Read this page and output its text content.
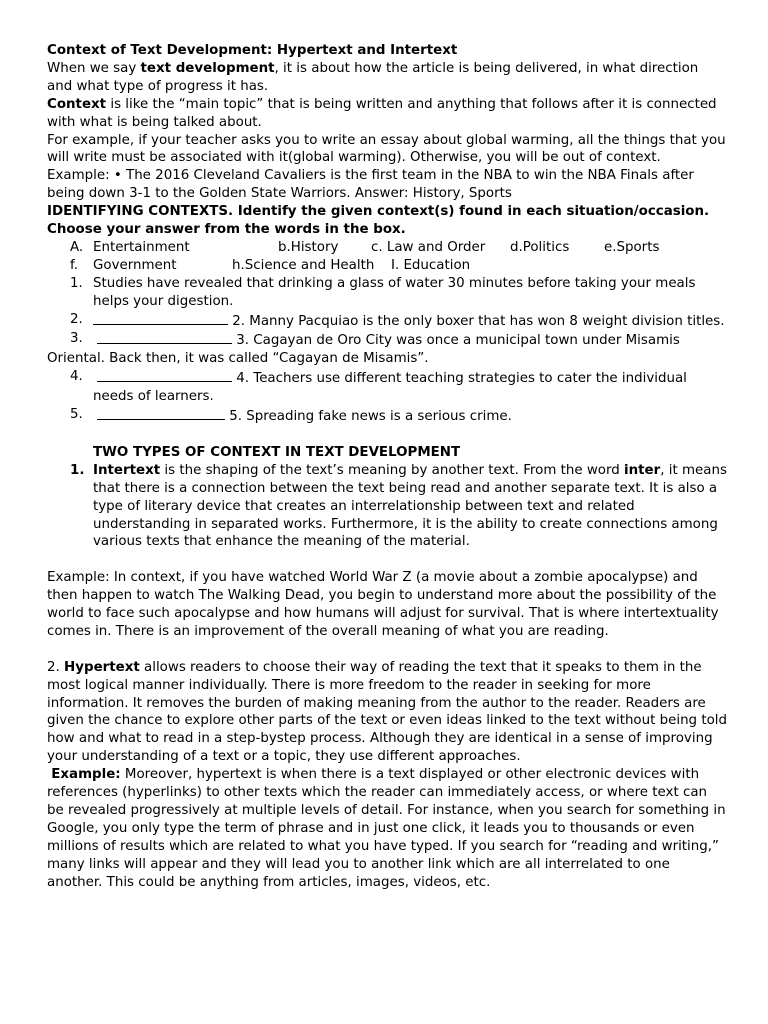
Context of Text Development: Hypertext and Intertext

When we say text development, it is about how the article is being delivered, in what direction and what type of progress it has.

Context is like the “main topic” that is being written and anything that follows after it is connected with what is being talked about.

For example, if your teacher asks you to write an essay about global warming, all the things that you will write must be associated with it(global warming). Otherwise, you will be out of context.

Example: • The 2016 Cleveland Cavaliers is the first team in the NBA to win the NBA Finals after being down 3-1 to the Golden State Warriors. Answer: History, Sports

IDENTIFYING CONTEXTS. Identify the given context(s) found in each situation/occasion. Choose your answer from the words in the box.

A. Entertainment	b.History c. Law and Order d.Politics	e.Sports
f. Government	h.Science and Health I. Education
1. Studies have revealed that drinking a glass of water 30 minutes before taking your meals helps your digestion.
2.	2. Manny Pacquiao is the only boxer that has won 8 weight division titles.
3.	3. Cagayan de Oro City was once a municipal town under Misamis Oriental. Back then, it was called “Cagayan de Misamis”.
4.	4. Teachers use different teaching strategies to cater the individual needs of learners.
5.	5. Spreading fake news is a serious crime.

TWO TYPES OF CONTEXT IN TEXT DEVELOPMENT

1. Intertext is the shaping of the text’s meaning by another text. From the word inter, it means that there is a connection between the text being read and another separate text. It is also a type of literary device that creates an interrelationship between text and related understanding in separated works. Furthermore, it is the ability to create connections among various texts that enhance the meaning of the material.

Example: In context, if you have watched World War Z (a movie about a zombie apocalypse) and then happen to watch The Walking Dead, you begin to understand more about the possibility of the world to face such apocalypse and how humans will adjust for survival. That is where intertextuality comes in. There is an improvement of the overall meaning of what you are reading.

2. Hypertext allows readers to choose their way of reading the text that it speaks to them in the most logical manner individually. There is more freedom to the reader in seeking for more information. It removes the burden of making meaning from the author to the reader. Readers are given the chance to explore other parts of the text or even ideas linked to the text without being told how and what to read in a step-bystep process. Although they are identical in a sense of improving your understanding of a text or a topic, they use different approaches.

Example: Moreover, hypertext is when there is a text displayed or other electronic devices with references (hyperlinks) to other texts which the reader can immediately access, or where text can be revealed progressively at multiple levels of detail. For instance, when you search for something in Google, you only type the term of phrase and in just one click, it leads you to thousands or even millions of results which are related to what you have typed. If you search for “reading and writing,” many links will appear and they will lead you to another link which are all interrelated to one another. This could be anything from articles, images, videos, etc.
